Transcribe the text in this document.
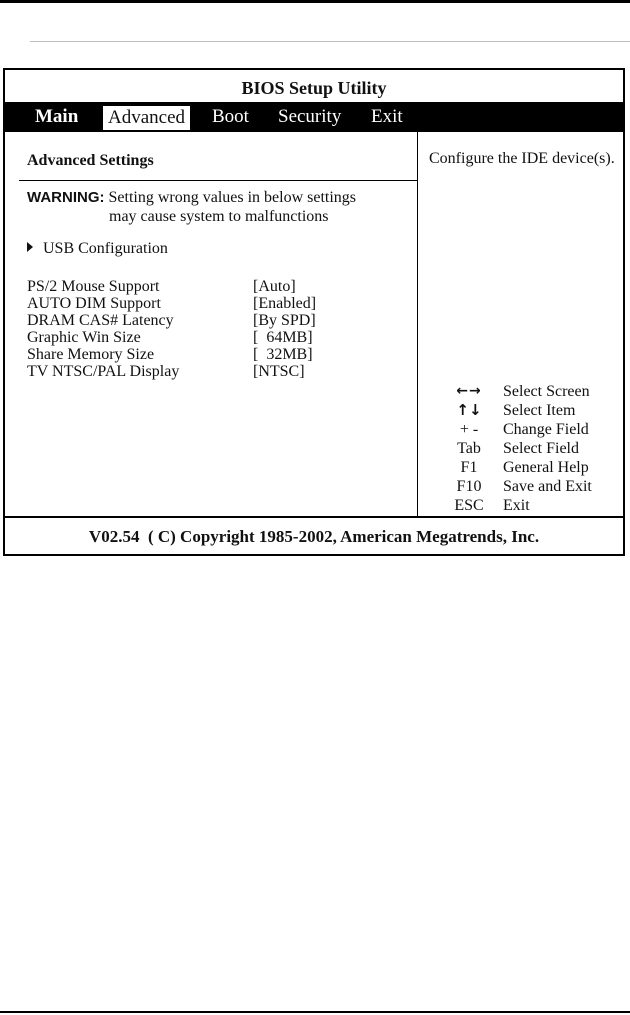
BIOS Setup Utility
Main	Advanced	Boot Security Exit
Advanced Settings
WARNING: Setting wrong values in below settings
may cause system to malfunctions
USB Configuration
PS/2 Mouse Support	[Auto]
AUTO DIM Support	[Enabled]
DRAM CAS# Latency	[By SPD]
Graphic Win Size	[  64MB]
Share Memory Size	[  32MB]
TV NTSC/PAL Display	[NTSC]
Configure the IDE device(s).
←→	Select Screen
↑↓	Select Item
+ -	Change Field
Tab	Select Field
F1	General Help
F10	Save and Exit
ESC	Exit
V02.54  ( C) Copyright 1985-2002, American Megatrends, Inc.
